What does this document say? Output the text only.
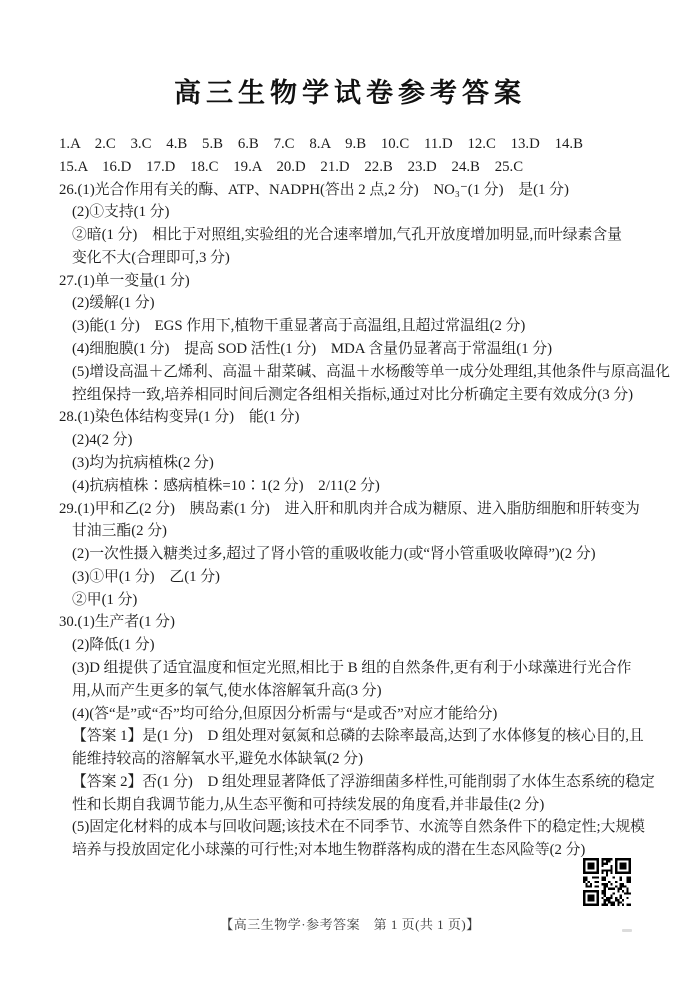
高三生物学试卷参考答案
1.A　2.C　3.C　4.B　5.B　6.B　7.C　8.A　9.B　10.C　11.D　12.C　13.D　14.B
15.A　16.D　17.D　18.C　19.A　20.D　21.D　22.B　23.D　24.B　25.C
26.(1)光合作用有关的酶、ATP、NADPH(答出 2 点,2 分)　NO₃⁻(1 分)　是(1 分)
(2)①支持(1 分)
②暗(1 分)　相比于对照组,实验组的光合速率增加,气孔开放度增加明显,而叶绿素含量
变化不大(合理即可,3 分)
27.(1)单一变量(1 分)
(2)缓解(1 分)
(3)能(1 分)　EGS 作用下,植物干重显著高于高温组,且超过常温组(2 分)
(4)细胞膜(1 分)　提高 SOD 活性(1 分)　MDA 含量仍显著高于常温组(1 分)
(5)增设高温＋乙烯利、高温＋甜菜碱、高温＋水杨酸等单一成分处理组,其他条件与原高温化
控组保持一致,培养相同时间后测定各组相关指标,通过对比分析确定主要有效成分(3 分)
28.(1)染色体结构变异(1 分)　能(1 分)
(2)4(2 分)
(3)均为抗病植株(2 分)
(4)抗病植株∶感病植株=10∶1(2 分)　2/11(2 分)
29.(1)甲和乙(2 分)　胰岛素(1 分)　进入肝和肌肉并合成为糖原、进入脂肪细胞和肝转变为
甘油三酯(2 分)
(2)一次性摄入糖类过多,超过了肾小管的重吸收能力(或“肾小管重吸收障碍”)(2 分)
(3)①甲(1 分)　乙(1 分)
②甲(1 分)
30.(1)生产者(1 分)
(2)降低(1 分)
(3)D 组提供了适宜温度和恒定光照,相比于 B 组的自然条件,更有利于小球藻进行光合作
用,从而产生更多的氧气,使水体溶解氧升高(3 分)
(4)(答“是”或“否”均可给分,但原因分析需与“是或否”对应才能给分)
【答案 1】是(1 分)　D 组处理对氨氮和总磷的去除率最高,达到了水体修复的核心目的,且
能维持较高的溶解氧水平,避免水体缺氧(2 分)
【答案 2】否(1 分)　D 组处理显著降低了浮游细菌多样性,可能削弱了水体生态系统的稳定
性和长期自我调节能力,从生态平衡和可持续发展的角度看,并非最佳(2 分)
(5)固定化材料的成本与回收问题;该技术在不同季节、水流等自然条件下的稳定性;大规模
培养与投放固定化小球藻的可行性;对本地生物群落构成的潜在生态风险等(2 分)
【高三生物学·参考答案　第 1 页(共 1 页)】
